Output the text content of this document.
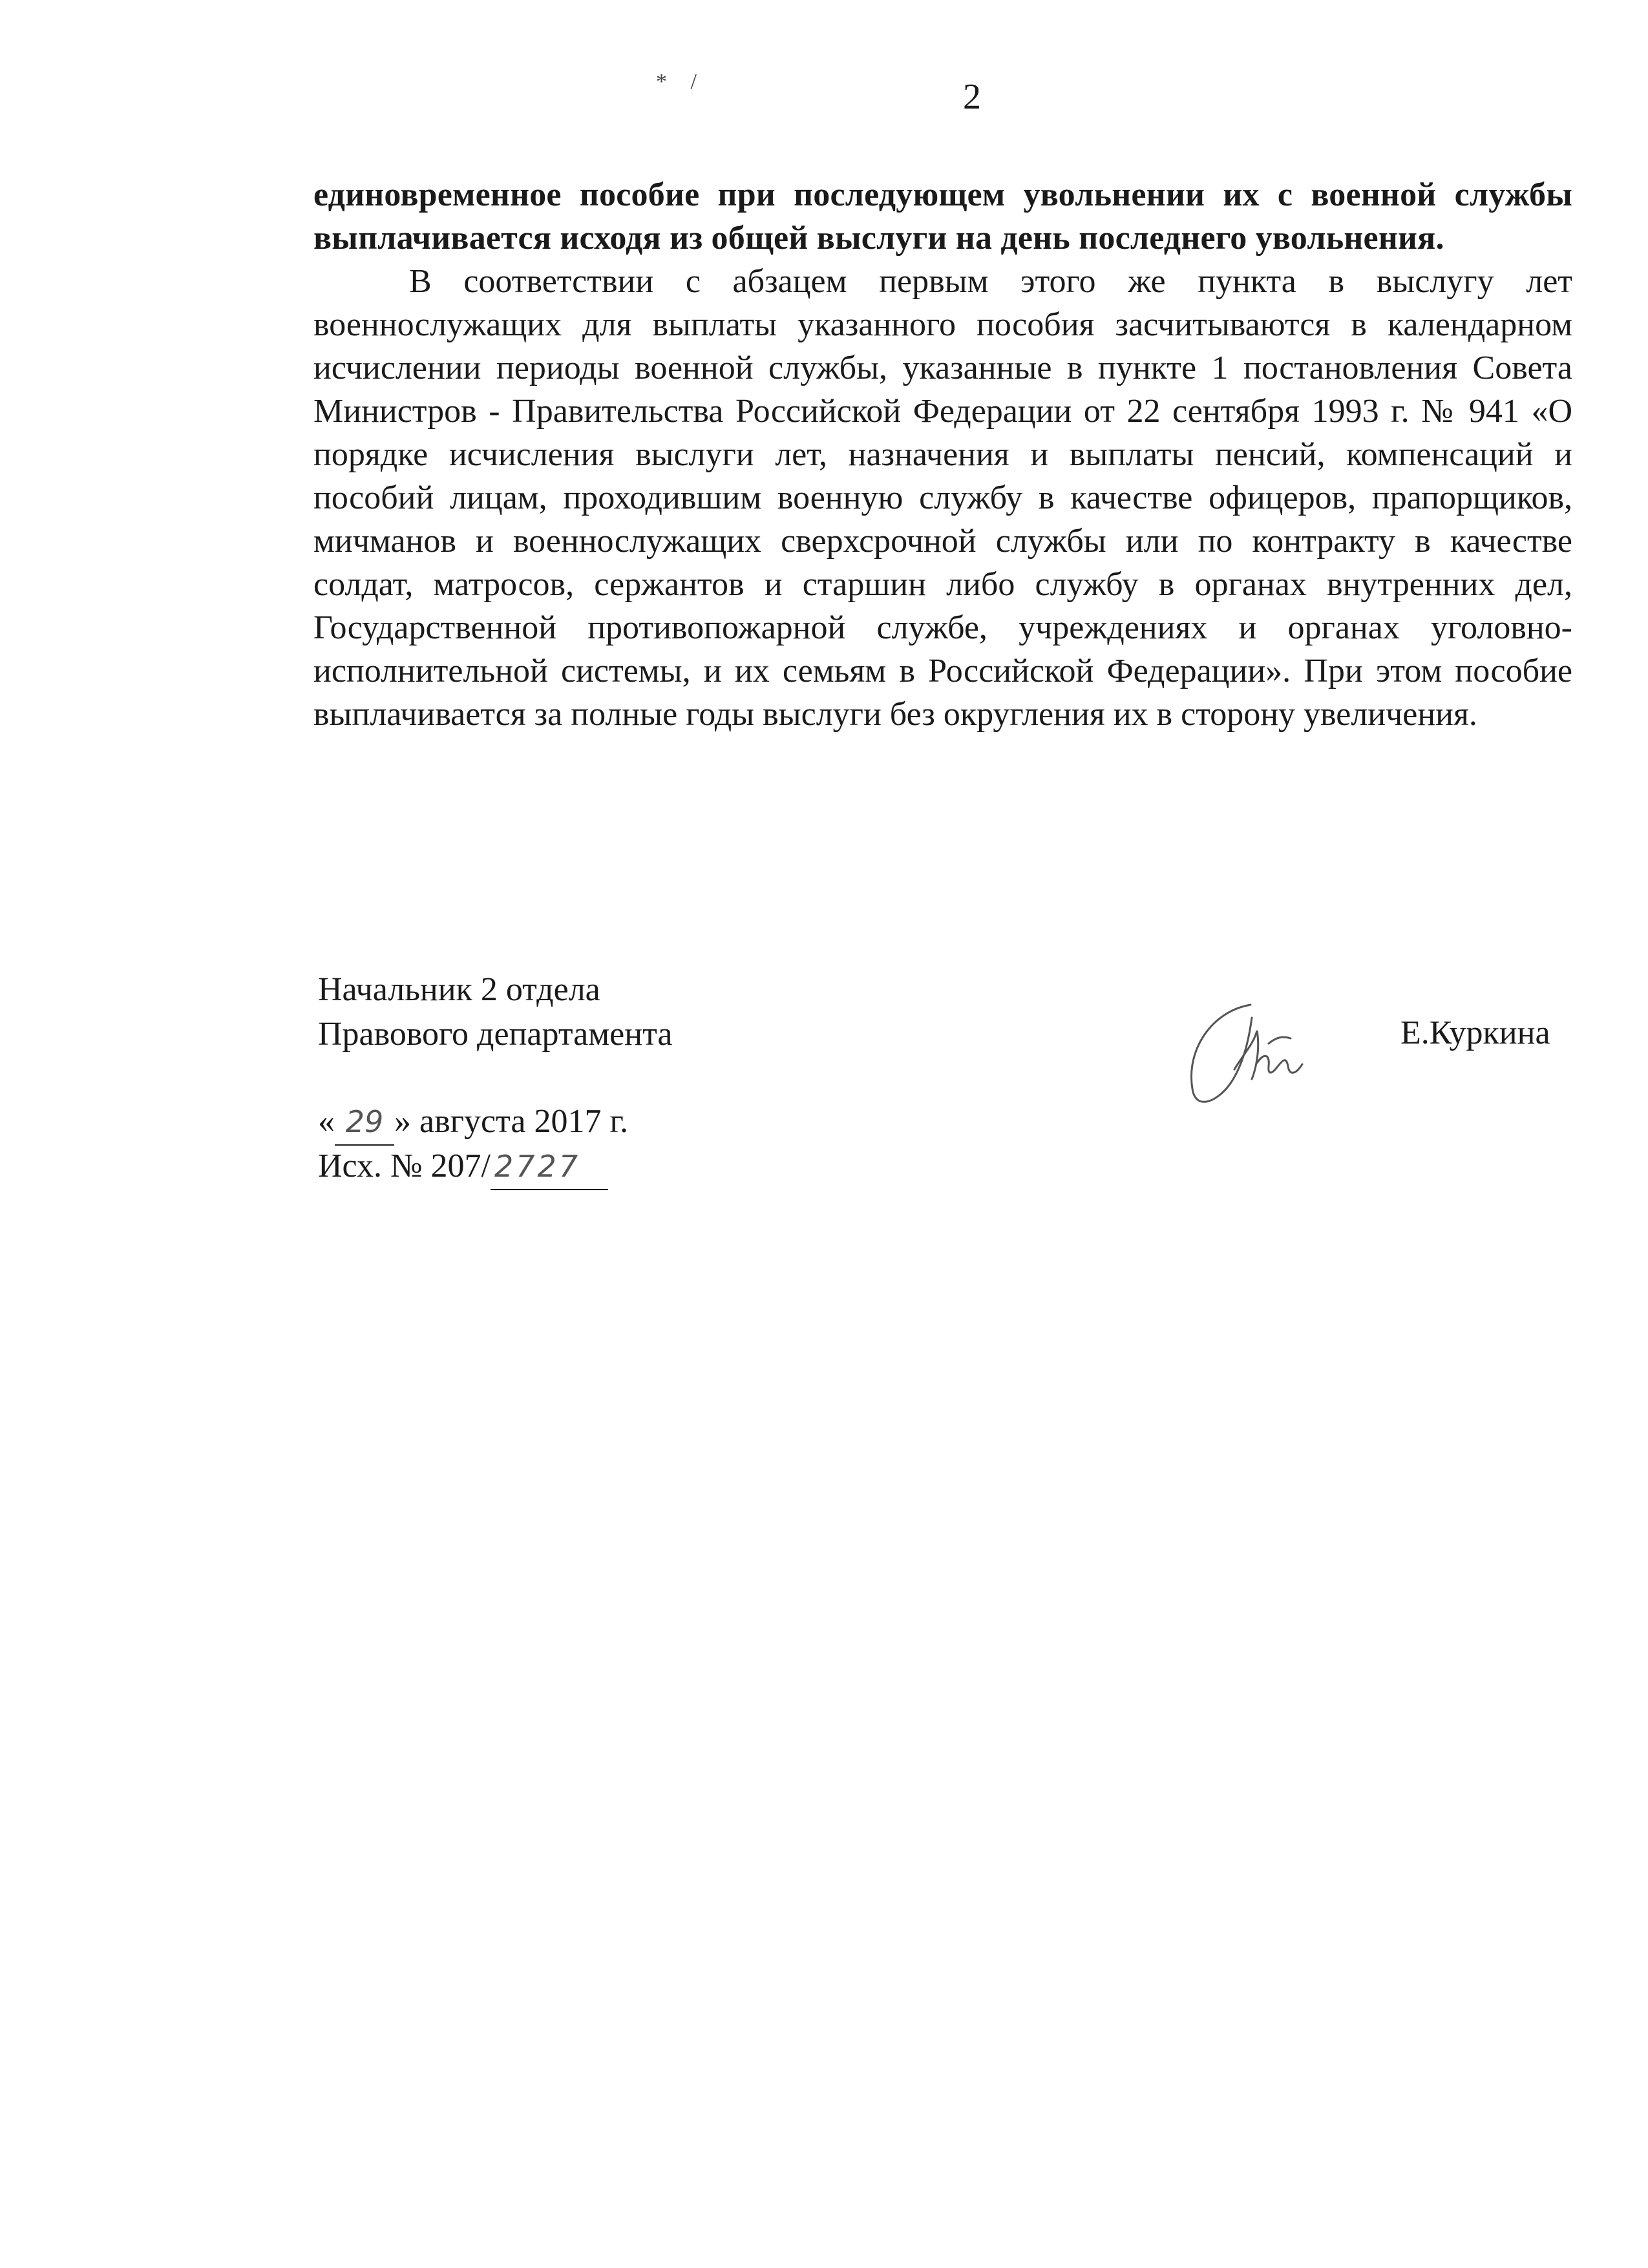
* /	2

единовременное пособие при последующем увольнении их с военной службы выплачивается исходя из общей выслуги на день последнего увольнения.

В соответствии с абзацем первым этого же пункта в выслугу лет военнослужащих для выплаты указанного пособия засчитываются в календарном исчислении периоды военной службы, указанные в пункте 1 постановления Совета Министров - Правительства Российской Федерации от 22 сентября 1993 г. № 941 «О порядке исчисления выслуги лет, назначения и выплаты пенсий, компенсаций и пособий лицам, проходившим военную службу в качестве офицеров, прапорщиков, мичманов и военнослужащих сверхсрочной службы или по контракту в качестве солдат, матросов, сержантов и старшин либо службу в органах внутренних дел, Государственной противопожарной службе, учреждениях и органах уголовно-исполнительной системы, и их семьям в Российской Федерации». При этом пособие выплачивается за полные годы выслуги без округления их в сторону увеличения.

Начальник 2 отдела
Правового департамента	Е.Куркина
« 29 » августа 2017 г.
Исх. № 207/ 2727
